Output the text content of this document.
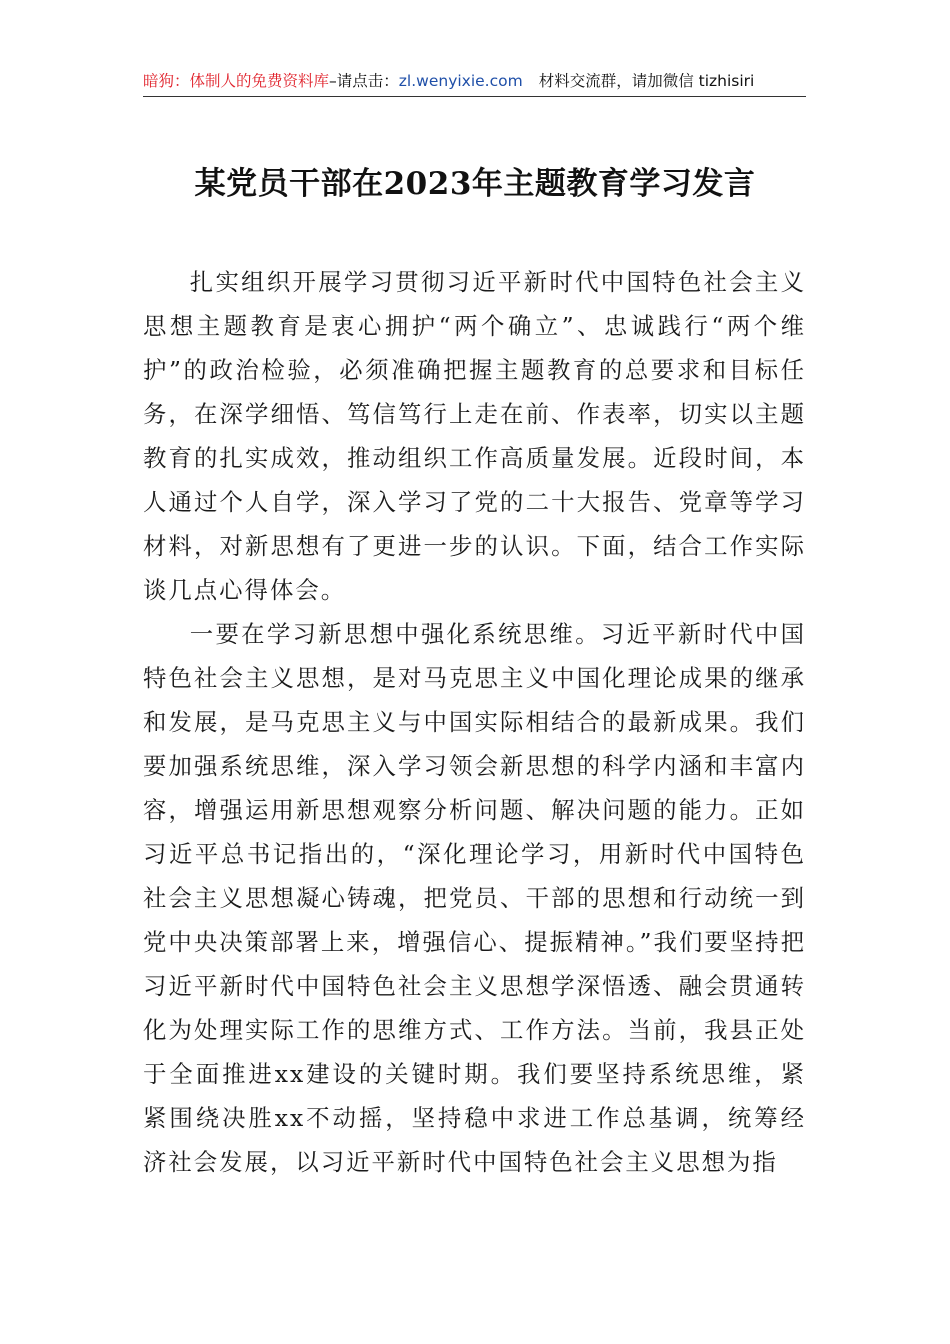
暗狗：体制人的免费资料库–请点击：zl.wenyixie.com 材料交流群，请加微信 tizhisiri
某党员干部在2023年主题教育学习发言

扎实组织开展学习贯彻习近平新时代中国特色社会主义思想主题教育是衷心拥护“两个确立”、忠诚践行“两个维护”的政治检验，必须准确把握主题教育的总要求和目标任务，在深学细悟、笃信笃行上走在前、作表率，切实以主题教育的扎实成效，推动组织工作高质量发展。近段时间，本人通过个人自学，深入学习了党的二十大报告、党章等学习材料，对新思想有了更进一步的认识。下面，结合工作实际谈几点心得体会。

一要在学习新思想中强化系统思维。习近平新时代中国特色社会主义思想，是对马克思主义中国化理论成果的继承和发展，是马克思主义与中国实际相结合的最新成果。我们要加强系统思维，深入学习领会新思想的科学内涵和丰富内容，增强运用新思想观察分析问题、解决问题的能力。正如习近平总书记指出的，“深化理论学习，用新时代中国特色社会主义思想凝心铸魂，把党员、干部的思想和行动统一到党中央决策部署上来，增强信心、提振精神。”我们要坚持把习近平新时代中国特色社会主义思想学深悟透、融会贯通转化为处理实际工作的思维方式、工作方法。当前，我县正处于全面推进xx建设的关键时期。我们要坚持系统思维，紧紧围绕决胜xx不动摇，坚持稳中求进工作总基调，统筹经济社会发展，以习近平新时代中国特色社会主义思想为指
